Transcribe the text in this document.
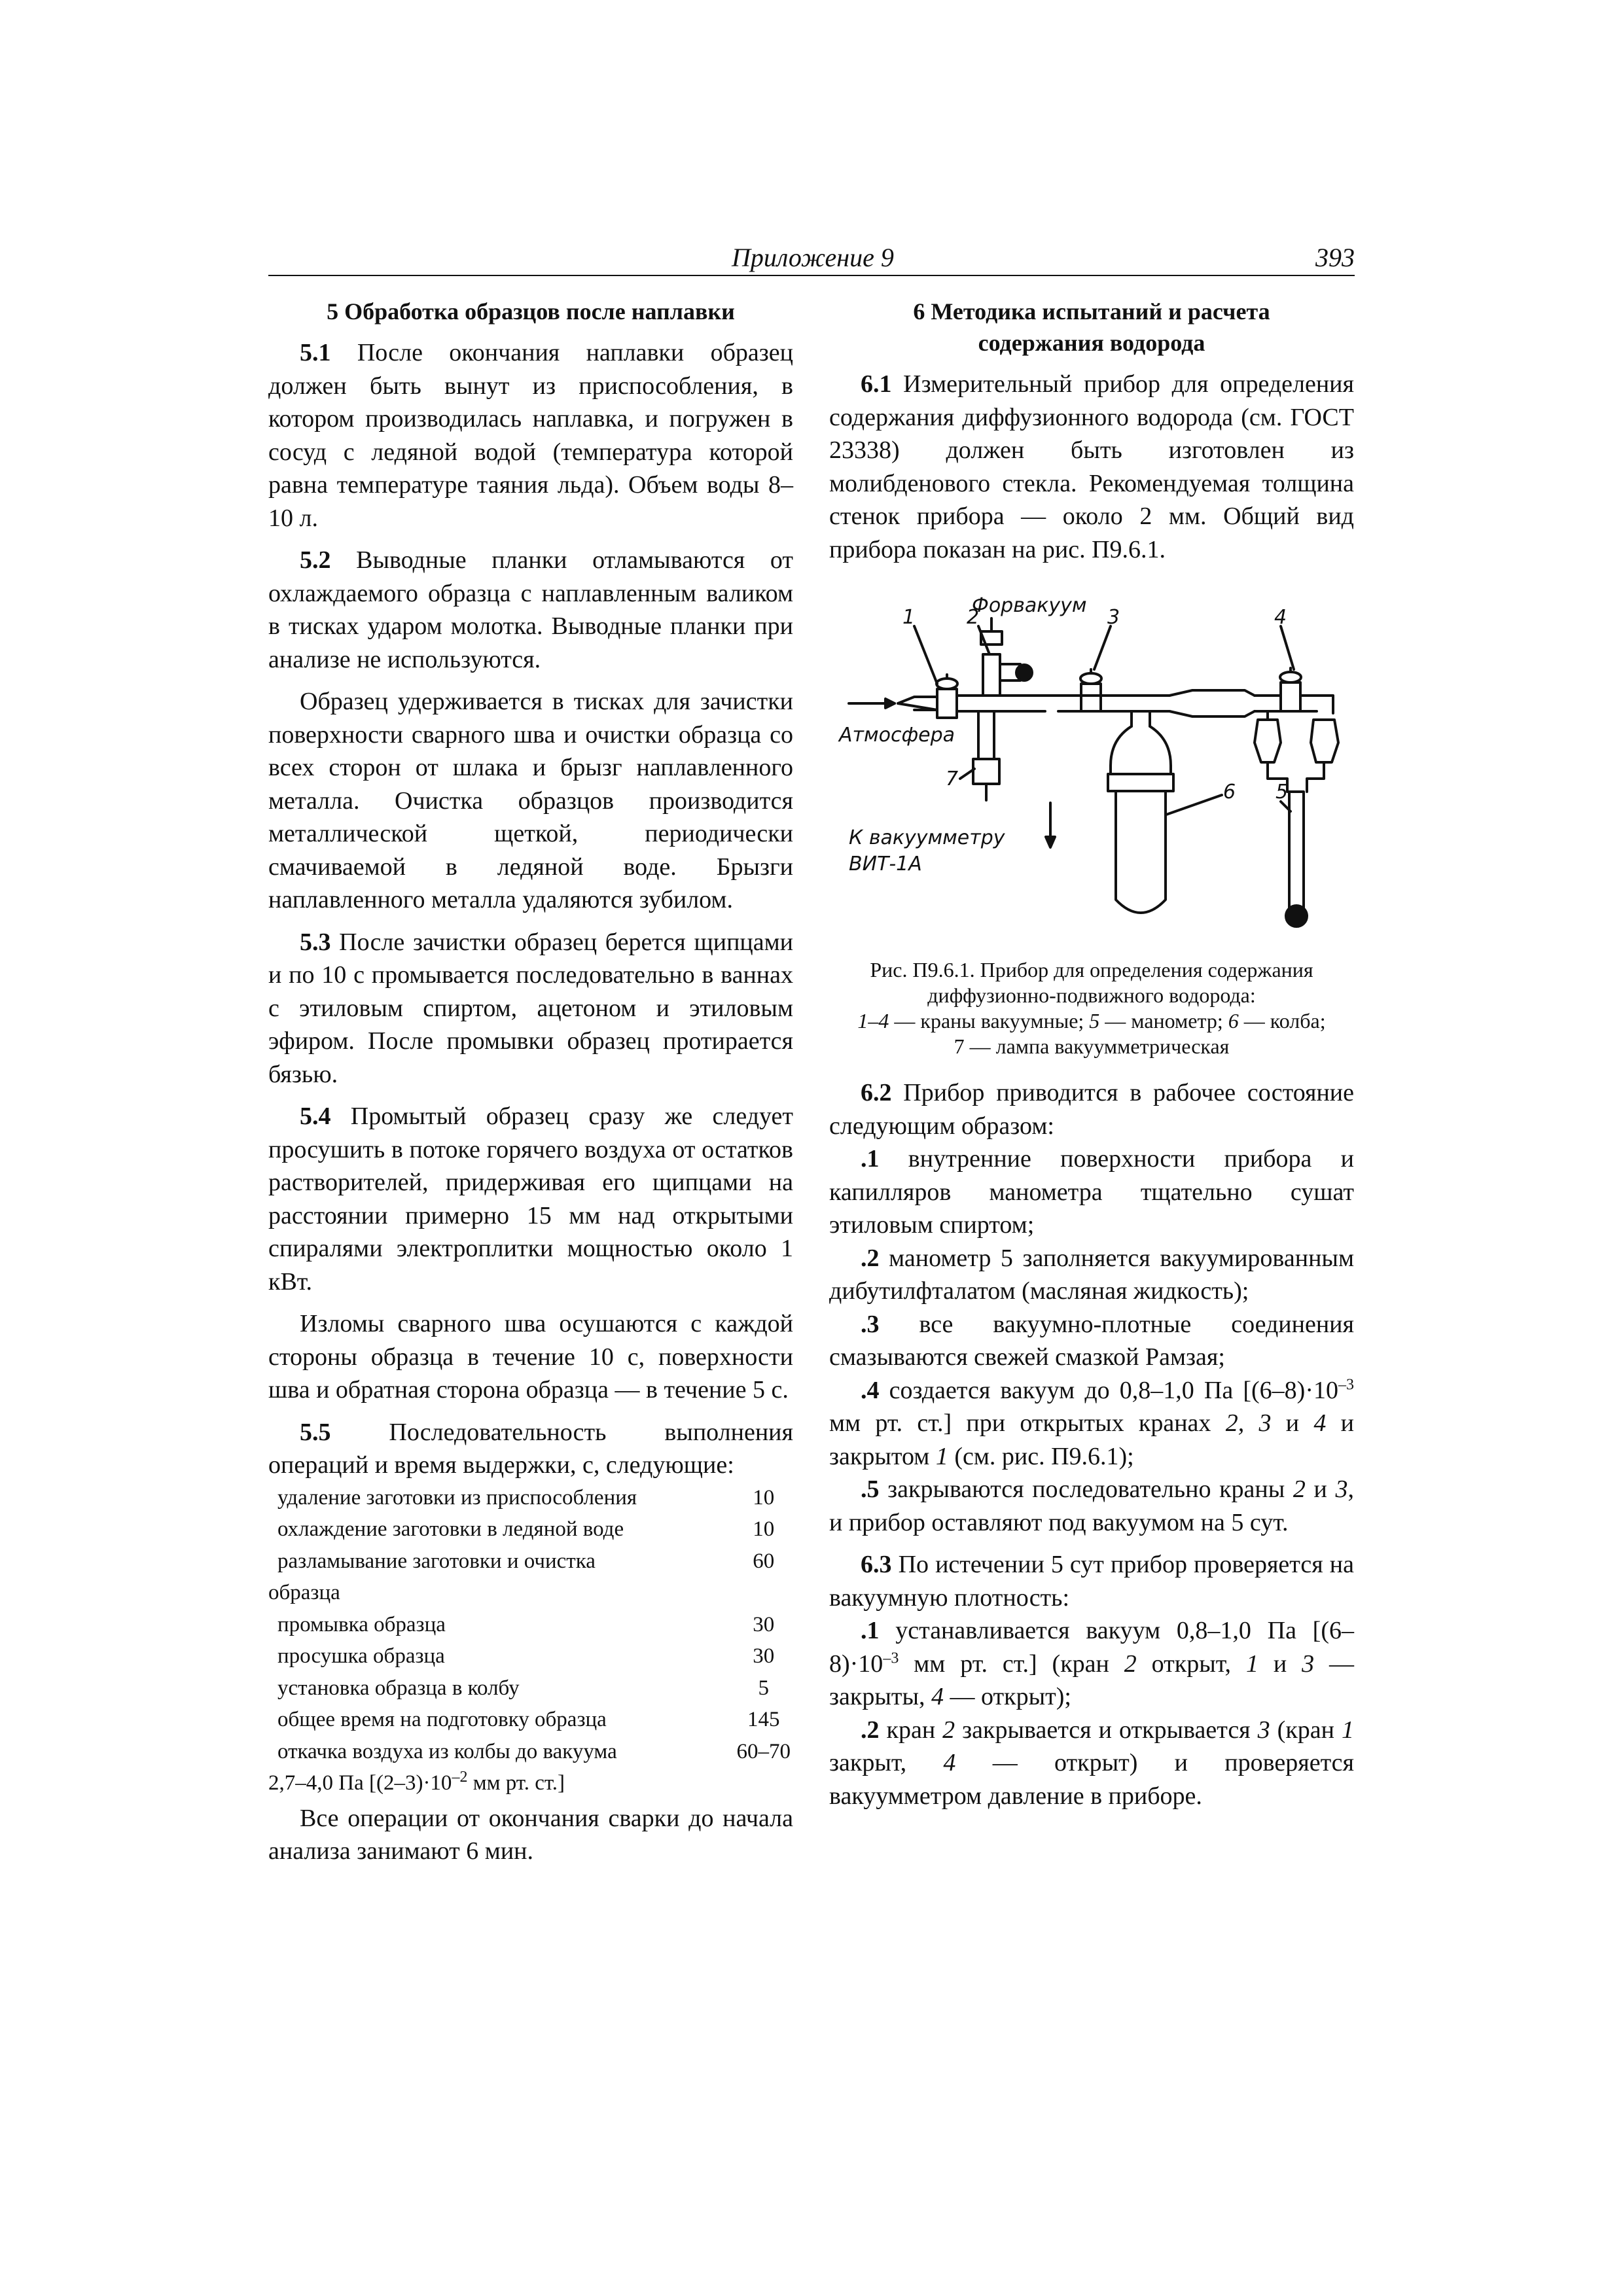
Приложение 9	393
5 Обработка образцов после наплавки

5.1 После окончания наплавки образец должен быть вынут из приспособления, в котором производилась наплавка, и погружен в сосуд с ледяной водой (температура которой равна температуре таяния льда). Объем воды 8–10 л.

5.2 Выводные планки отламываются от охлаждаемого образца с наплавленным валиком в тисках ударом молотка. Выводные планки при анализе не используются.

Образец удерживается в тисках для зачистки поверхности сварного шва и очистки образца со всех сторон от шлака и брызг наплавленного металла. Очистка образцов производится металлической щеткой, периодически смачиваемой в ледяной воде. Брызги наплавленного металла удаляются зубилом.

5.3 После зачистки образец берется щипцами и по 10 с промывается последовательно в ваннах с этиловым спиртом, ацетоном и этиловым эфиром. После промывки образец протирается бязью.

5.4 Промытый образец сразу же следует просушить в потоке горячего воздуха от остатков растворителей, придерживая его щипцами на расстоянии примерно 15 мм над открытыми спиралями электроплитки мощностью около 1 кВт.

Изломы сварного шва осушаются с каждой стороны образца в течение 10 с, поверхности шва и обратная сторона образца — в течение 5 с.

5.5 Последовательность выполнения операций и время выдержки, с, следующие:

удаление заготовки из приспособления	10
охлаждение заготовки в ледяной воде	10
разламывание заготовки и очистка	60
образца
промывка образца	30
просушка образца	30
установка образца в колбу	5
общее время на подготовку образца	145
откачка воздуха из колбы до вакуума	60–70
2,7–4,0 Па [$(2-3)\cdot 10^{-2}$ мм рт. ст.]

Все операции от окончания сварки до начала анализа занимают 6 мин.

6 Методика испытаний и расчета
содержания водорода

6.1 Измерительный прибор для определения содержания диффузионного водорода (см. ГОСТ 23338) должен быть изготовлен из молибденового стекла. Рекомендуемая толщина стенок прибора — около 2 мм. Общий вид прибора показан на рис. П9.6.1.

Форвакуум
Атмосфера
К вакуумметру
ВИТ-1А
1	2	3	4
5
6
7
Рис. П9.6.1. Прибор для определения содержания диффузионно-подвижного водорода:
1–4 — краны вакуумные; 5 — манометр; 6 — колба;
7 — лампа вакуумметрическая

6.2 Прибор приводится в рабочее состояние следующим образом:

.1 внутренние поверхности прибора и капилляров манометра тщательно сушат этиловым спиртом;

.2 манометр 5 заполняется вакуумированным дибутилфталатом (масляная жидкость);

.3 все вакуумно-плотные соединения смазываются свежей смазкой Рамзая;

.4 создается вакуум до 0,8–1,0 Па [$(6-8)\cdot 10^{-3}$ мм рт. ст.] при открытых кранах 2, 3 и 4 и закрытом 1 (см. рис. П9.6.1);

.5 закрываются последовательно краны 2 и 3, и прибор оставляют под вакуумом на 5 сут.

6.3 По истечении 5 сут прибор проверяется на вакуумную плотность:

.1 устанавливается вакуум 0,8–1,0 Па [$(6-8)\cdot 10^{-3}$ мм рт. ст.] (кран 2 открыт, 1 и 3 — закрыты, 4 — открыт);

.2 кран 2 закрывается и открывается 3 (кран 1 закрыт, 4 — открыт) и проверяется вакуумметром давление в приборе.
